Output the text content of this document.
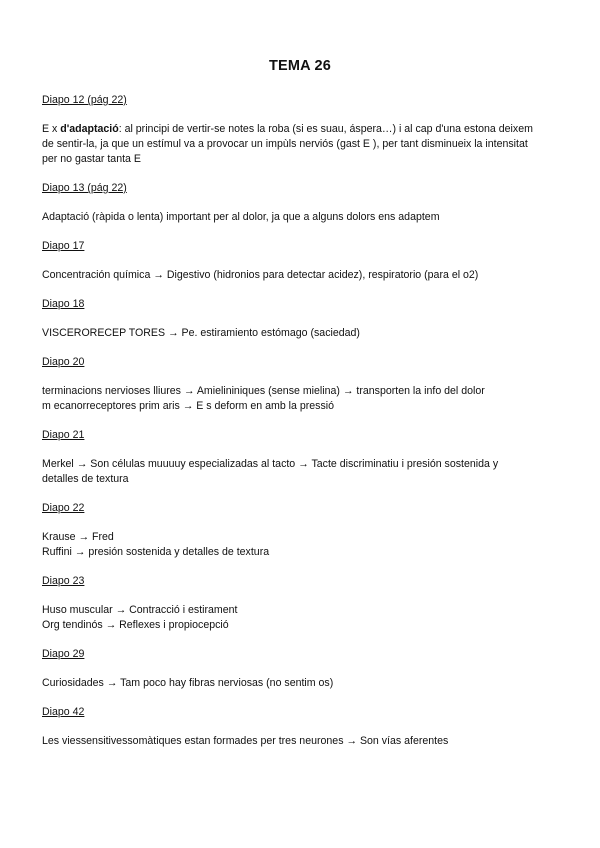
TEMA 26
Diapo 12 (pág 22)
E x d'adaptació: al principi de vertir-se notes la roba (si es suau, áspera…) i al cap d'una estona deixem
de sentir-la, ja que un estímul va a provocar un impùls nerviós (gast E ), per tant disminueix la intensitat
per no gastar tanta E
Diapo 13 (pág 22)
Adaptació (ràpida o lenta) important per al dolor, ja que a alguns dolors ens adaptem
Diapo 17
Concentración química → Digestivo (hidronios para detectar acidez), respiratorio (para el o2)
Diapo 18
VISCERORECEP TORES → Pe. estiramiento estómago (saciedad)
Diapo 20
terminacions nervioses lliures → Amielininiques (sense mielina) → transporten la info del dolor
m ecanorreceptores prim aris → E s deform en amb la pressió
Diapo 21
Merkel → Son células muuuuy especializadas al tacto → Tacte discriminatiu i presión sostenida y
detalles de textura
Diapo 22
Krause → Fred
Ruffini → presión sostenida y detalles de textura
Diapo 23
Huso muscular → Contracció i estirament
Org tendinós → Reflexes i propiocepció
Diapo 29
Curiosidades → Tam poco hay fibras nerviosas (no sentim os)
Diapo 42
Les viessensitivessomàtiques estan formades per tres neurones → Son vías aferentes
